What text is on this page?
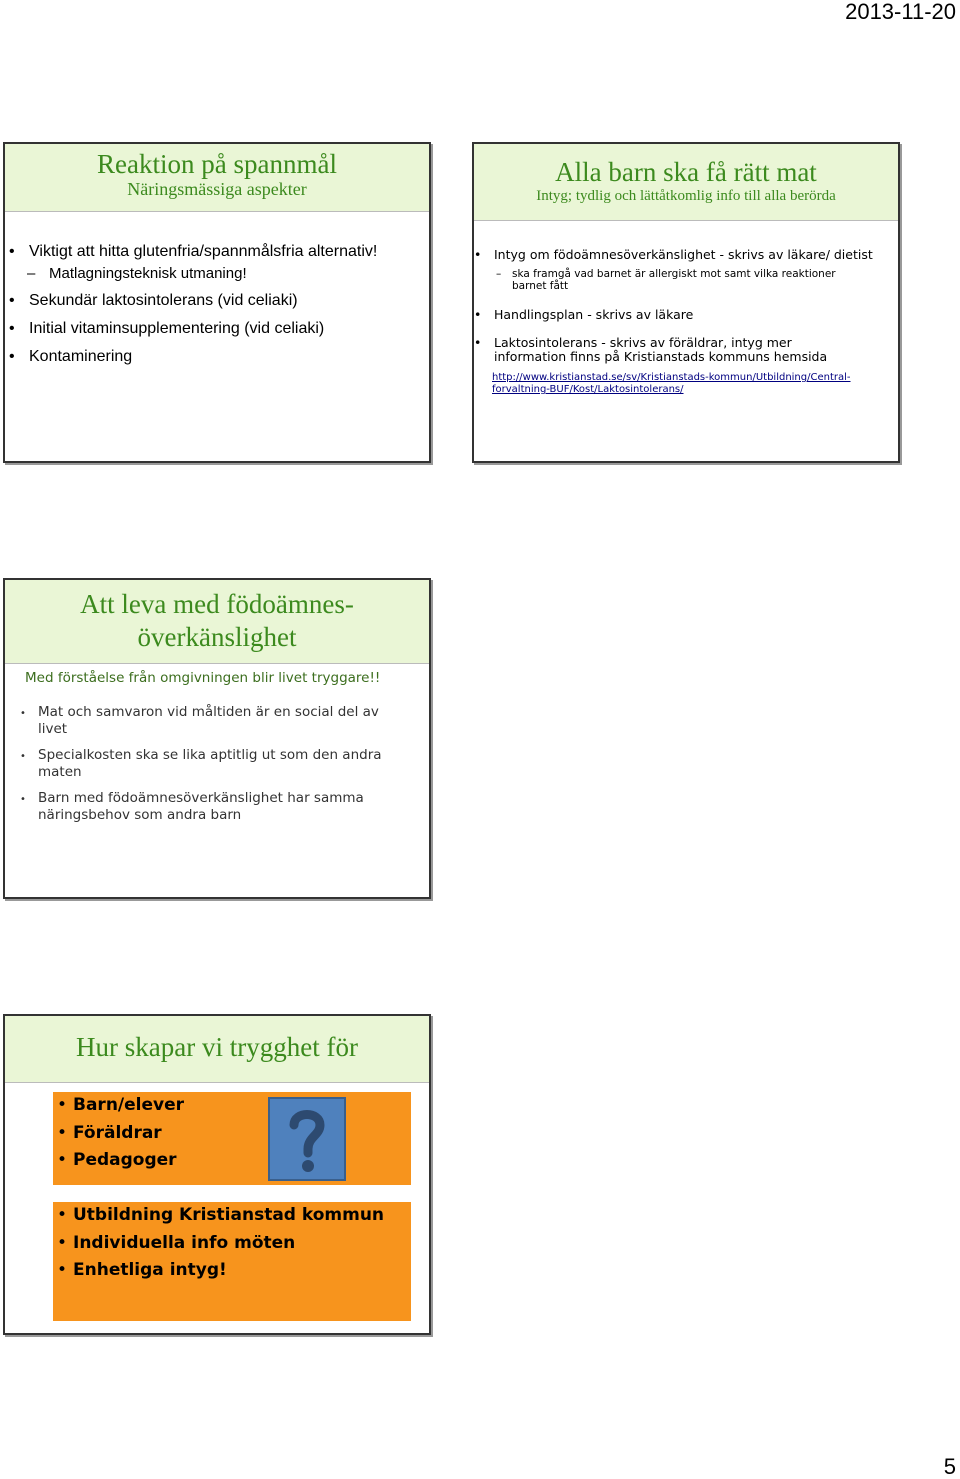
2013-11-20
Reaktion på spannmål
Näringsmässiga aspekter
• Viktigt att hitta glutenfria/spannmålsfria alternativ!
– Matlagningsteknisk utmaning!
• Sekundär laktosintolerans (vid celiaki)
• Initial vitaminsupplementering (vid celiaki)
• Kontaminering
Alla barn ska få rätt mat
Intyg; tydlig och lättåtkomlig info till alla berörda
• Intyg om födoämnesöverkänslighet - skrivs av läkare/ dietist
– ska framgå vad barnet är allergiskt mot samt vilka reaktioner barnet fått
• Handlingsplan - skrivs av läkare
• Laktosintolerans - skrivs av föräldrar, intyg mer information finns på Kristianstads kommuns hemsida
http://www.kristianstad.se/sv/Kristianstads-kommun/Utbildning/Central-forvaltning-BUF/Kost/Laktosintolerans/
Att leva med födoämnes-överkänslighet
Med förståelse från omgivningen blir livet tryggare!!
• Mat och samvaron vid måltiden är en social del av livet
• Specialkosten ska se lika aptitlig ut som den andra maten
• Barn med födoämnesöverkänslighet har samma näringsbehov som andra barn
Hur skapar vi trygghet för
• Barn/elever
• Föräldrar
• Pedagoger
• Utbildning Kristianstad kommun
• Individuella info möten
• Enhetliga intyg!
5
